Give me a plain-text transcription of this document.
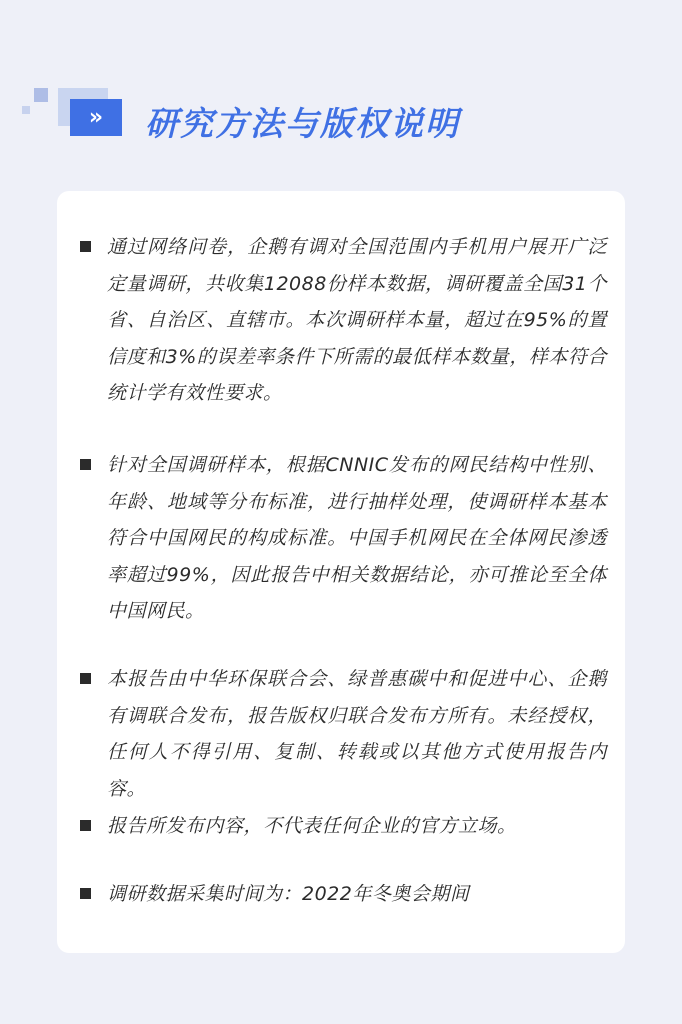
» 研究方法与版权说明
通过网络问卷，企鹅有调对全国范围内手机用户展开广泛定量调研，共收集12088份样本数据，调研覆盖全国31个省、自治区、直辖市。本次调研样本量，超过在95%的置信度和3%的误差率条件下所需的最低样本数量，样本符合统计学有效性要求。
针对全国调研样本，根据CNNIC发布的网民结构中性别、年龄、地域等分布标准，进行抽样处理，使调研样本基本符合中国网民的构成标准。中国手机网民在全体网民渗透率超过99%，因此报告中相关数据结论，亦可推论至全体中国网民。
本报告由中华环保联合会、绿普惠碳中和促进中心、企鹅有调联合发布，报告版权归联合发布方所有。未经授权，任何人不得引用、复制、转载或以其他方式使用报告内容。
报告所发布内容，不代表任何企业的官方立场。
调研数据采集时间为：2022年冬奥会期间
